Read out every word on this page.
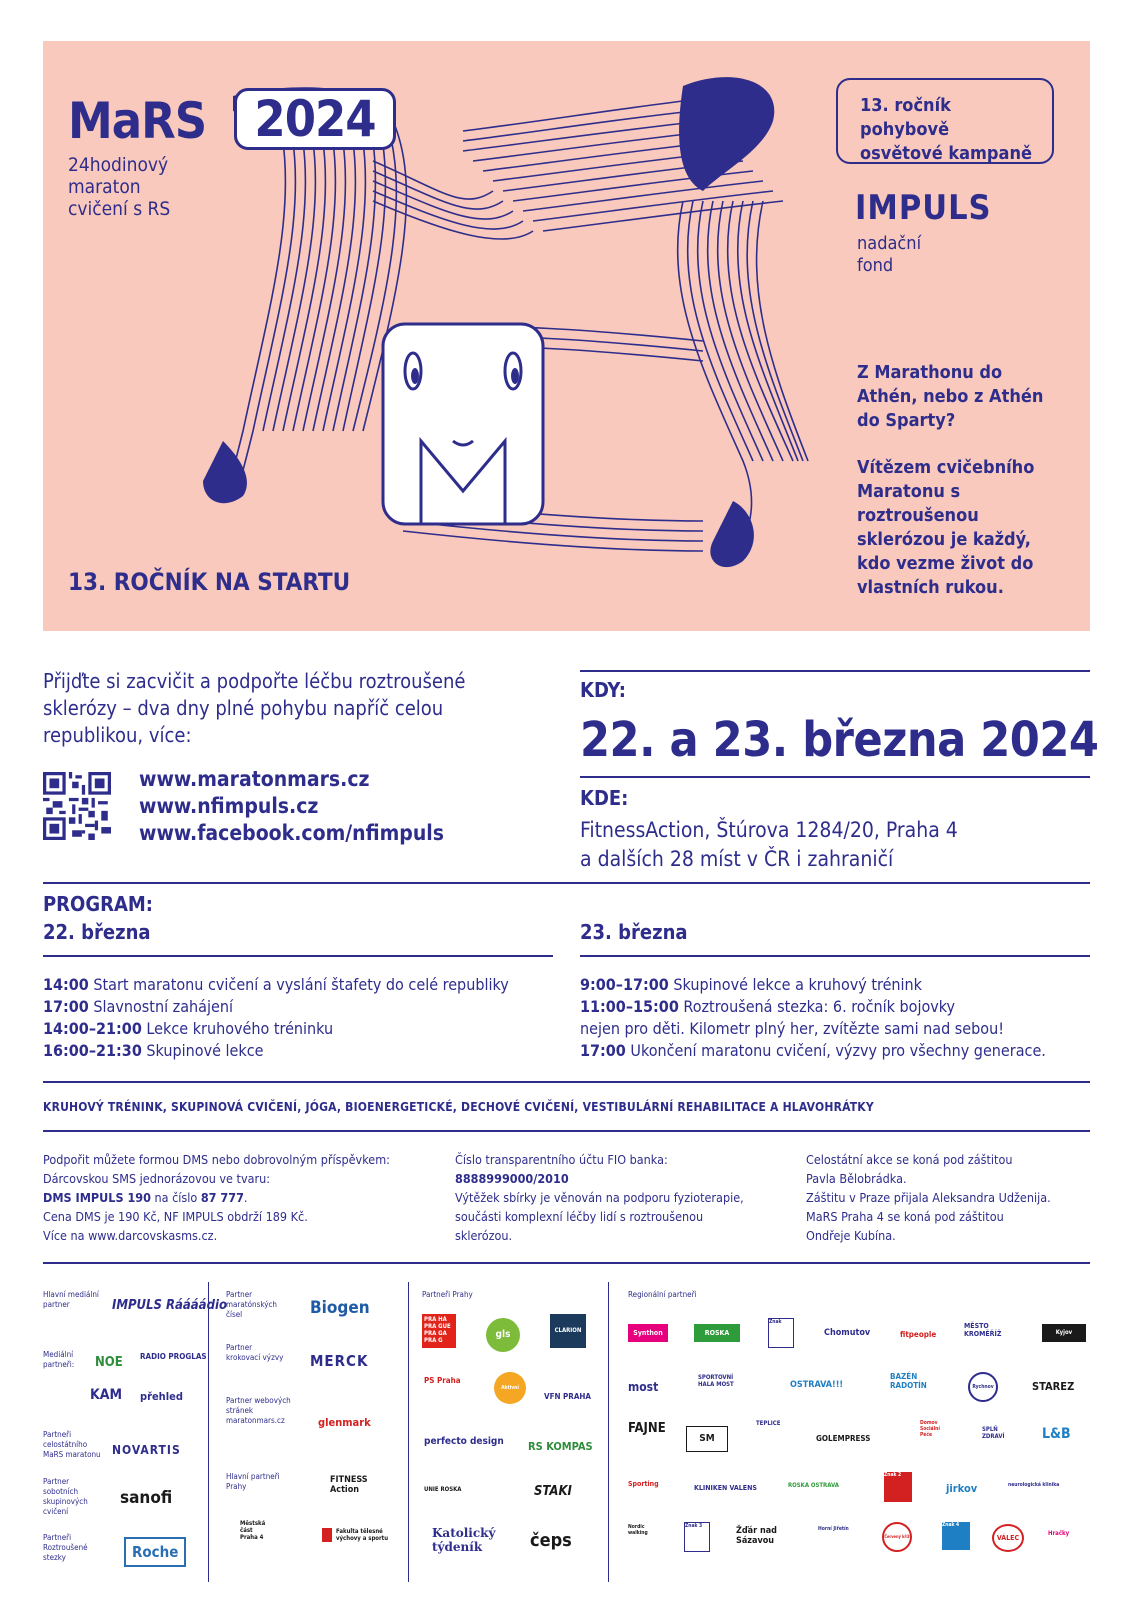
MaRS 2024
24hodinový
maraton
cvičení s RS
13. ROČNÍK NA STARTU
13. ročník pohybově
osvětové kampaně
IMPULS
nadační
fond
Z Marathonu do Athén, nebo z Athén do Sparty?
Vítězem cvičebního Maratonu s roztroušenou sklerózou je každý, kdo vezme život do vlastních rukou.
Přijďte si zacvičit a podpořte léčbu roztroušené sklerózy – dva dny plné pohybu napříč celou republikou, více:
www.maratonmars.cz
www.nfimpuls.cz
www.facebook.com/nfimpuls
KDY:
22. a 23. března 2024
KDE:
FitnessAction, Štúrova 1284/20, Praha 4
a dalších 28 míst v ČR i zahraničí
PROGRAM:
22. března	23. března
14:00 Start maratonu cvičení a vyslání štafety do celé republiky
17:00 Slavnostní zahájení
14:00–21:00 Lekce kruhového tréninku
16:00–21:30 Skupinové lekce
9:00–17:00 Skupinové lekce a kruhový trénink
11:00–15:00 Roztroušená stezka: 6. ročník bojovky
nejen pro děti. Kilometr plný her, zvítězte sami nad sebou!
17:00 Ukončení maratonu cvičení, výzvy pro všechny generace.
KRUHOVÝ TRÉNINK, SKUPINOVÁ CVIČENÍ, JÓGA, BIOENERGETICKÉ, DECHOVÉ CVIČENÍ, VESTIBULÁRNÍ REHABILITACE A HLAVOHRÁTKY
Podpořit můžete formou DMS nebo dobrovolným příspěvkem:
Dárcovskou SMS jednorázovou ve tvaru:
DMS IMPULS 190 na číslo 87 777.
Cena DMS je 190 Kč, NF IMPULS obdrží 189 Kč.
Více na www.darcovskasms.cz.
Číslo transparentního účtu FIO banka:
8888999000/2010
Výtěžek sbírky je věnován na podporu fyzioterapie,
součásti komplexní léčby lidí s roztroušenou
sklerózou.
Celostátní akce se koná pod záštitou
Pavla Bělobrádka.
Záštitu v Praze přijala Aleksandra Udženija.
MaRS Praha 4 se koná pod záštitou
Ondřeje Kubína.
Hlavní mediální partner	IMPULS Ráááádio
Mediální partneři:	NOE RADIO PROGLAS
KAM přehled
Partneři celostátního MaRS maratonu NOVARTIS
Partner sobotních skupinových cvičení
sanofi
Partneři Roztroušené stezky	Roche
Partner maratónských čísel	Biogen
Partner krokovací výzvy	MERCK
Partner webových stránek maratonmars.cz	glenmark
Hlavní partneři Prahy
FITNESS Action
Městská část Praha 4
Fakulta tělesné výchovy a sportu
Partneři Prahy
PRA HA PRA GUE PRA GA PRA G
gls	CLARION
PS Praha
Aktivní seniorky
VFN PRAHA
perfecto design RS KOMPAS
UNIE ROSKA	STAKI
Katolický týdeník	čeps
Regionální partneři
Synthon	ROSKA
Znak
Chomutov	fitpeople
MĚSTO KROMĚŘÍŽ	Kyjov
most
SPORTOVNÍ HALA MOST	OSTRAVA!!!
BAZÉN RADOTÍN	Rychnov	STAREZ
FAJNE
SM
TEPLICE
GOLEMPRESS
Domov Sociální Péče
SPLŇ ZDRAVÍ	L&B
Sporting	KLINIKEN VALENS	ROSKA OSTRAVA
Znak 2
jirkov	neurologická klinika
Nordic walking
Znak 3	Žďár nad Sázavou
Horní Jiřetín
Červený kříž
Znak 4
VÁLEC
Hračky
